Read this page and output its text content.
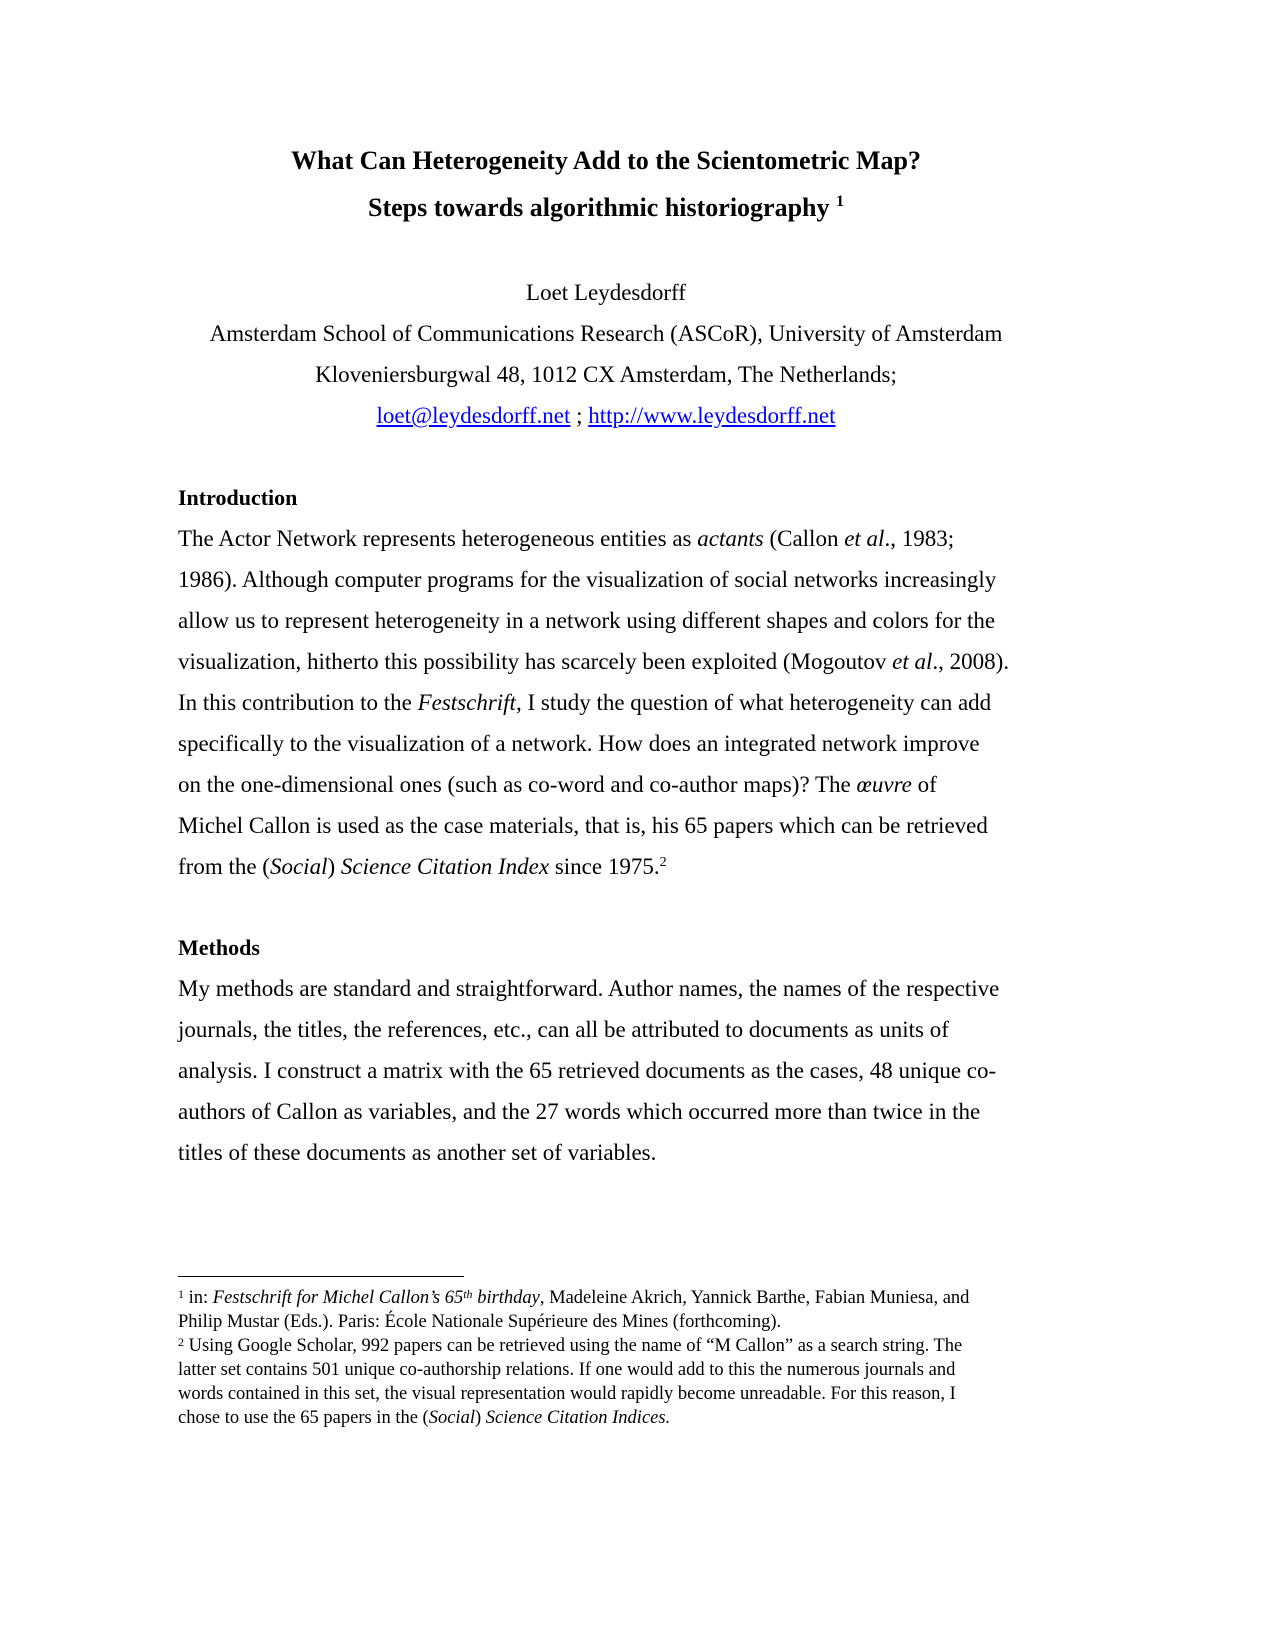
What Can Heterogeneity Add to the Scientometric Map?
Steps towards algorithmic historiography $^1$
Loet Leydesdorff
Amsterdam School of Communications Research (ASCoR), University of Amsterdam
Kloveniersburgwal 48, 1012 CX Amsterdam, The Netherlands;
loet@leydesdorff.net ; http://www.leydesdorff.net
Introduction
The Actor Network represents heterogeneous entities as actants (Callon et al., 1983;
1986). Although computer programs for the visualization of social networks increasingly
allow us to represent heterogeneity in a network using different shapes and colors for the
visualization, hitherto this possibility has scarcely been exploited (Mogoutov et al., 2008).
In this contribution to the Festschrift, I study the question of what heterogeneity can add
specifically to the visualization of a network. How does an integrated network improve
on the one-dimensional ones (such as co-word and co-author maps)? The œuvre of
Michel Callon is used as the case materials, that is, his 65 papers which can be retrieved
from the (Social) Science Citation Index since 1975.$^2$
Methods
My methods are standard and straightforward. Author names, the names of the respective
journals, the titles, the references, etc., can all be attributed to documents as units of
analysis. I construct a matrix with the 65 retrieved documents as the cases, 48 unique co-
authors of Callon as variables, and the 27 words which occurred more than twice in the
titles of these documents as another set of variables.
$^1$ in: Festschrift for Michel Callon’s 65th birthday, Madeleine Akrich, Yannick Barthe, Fabian Muniesa, and
Philip Mustar (Eds.). Paris: École Nationale Supérieure des Mines (forthcoming).
$^2$ Using Google Scholar, 992 papers can be retrieved using the name of “M Callon” as a search string. The
latter set contains 501 unique co-authorship relations. If one would add to this the numerous journals and
words contained in this set, the visual representation would rapidly become unreadable. For this reason, I
chose to use the 65 papers in the (Social) Science Citation Indices.
